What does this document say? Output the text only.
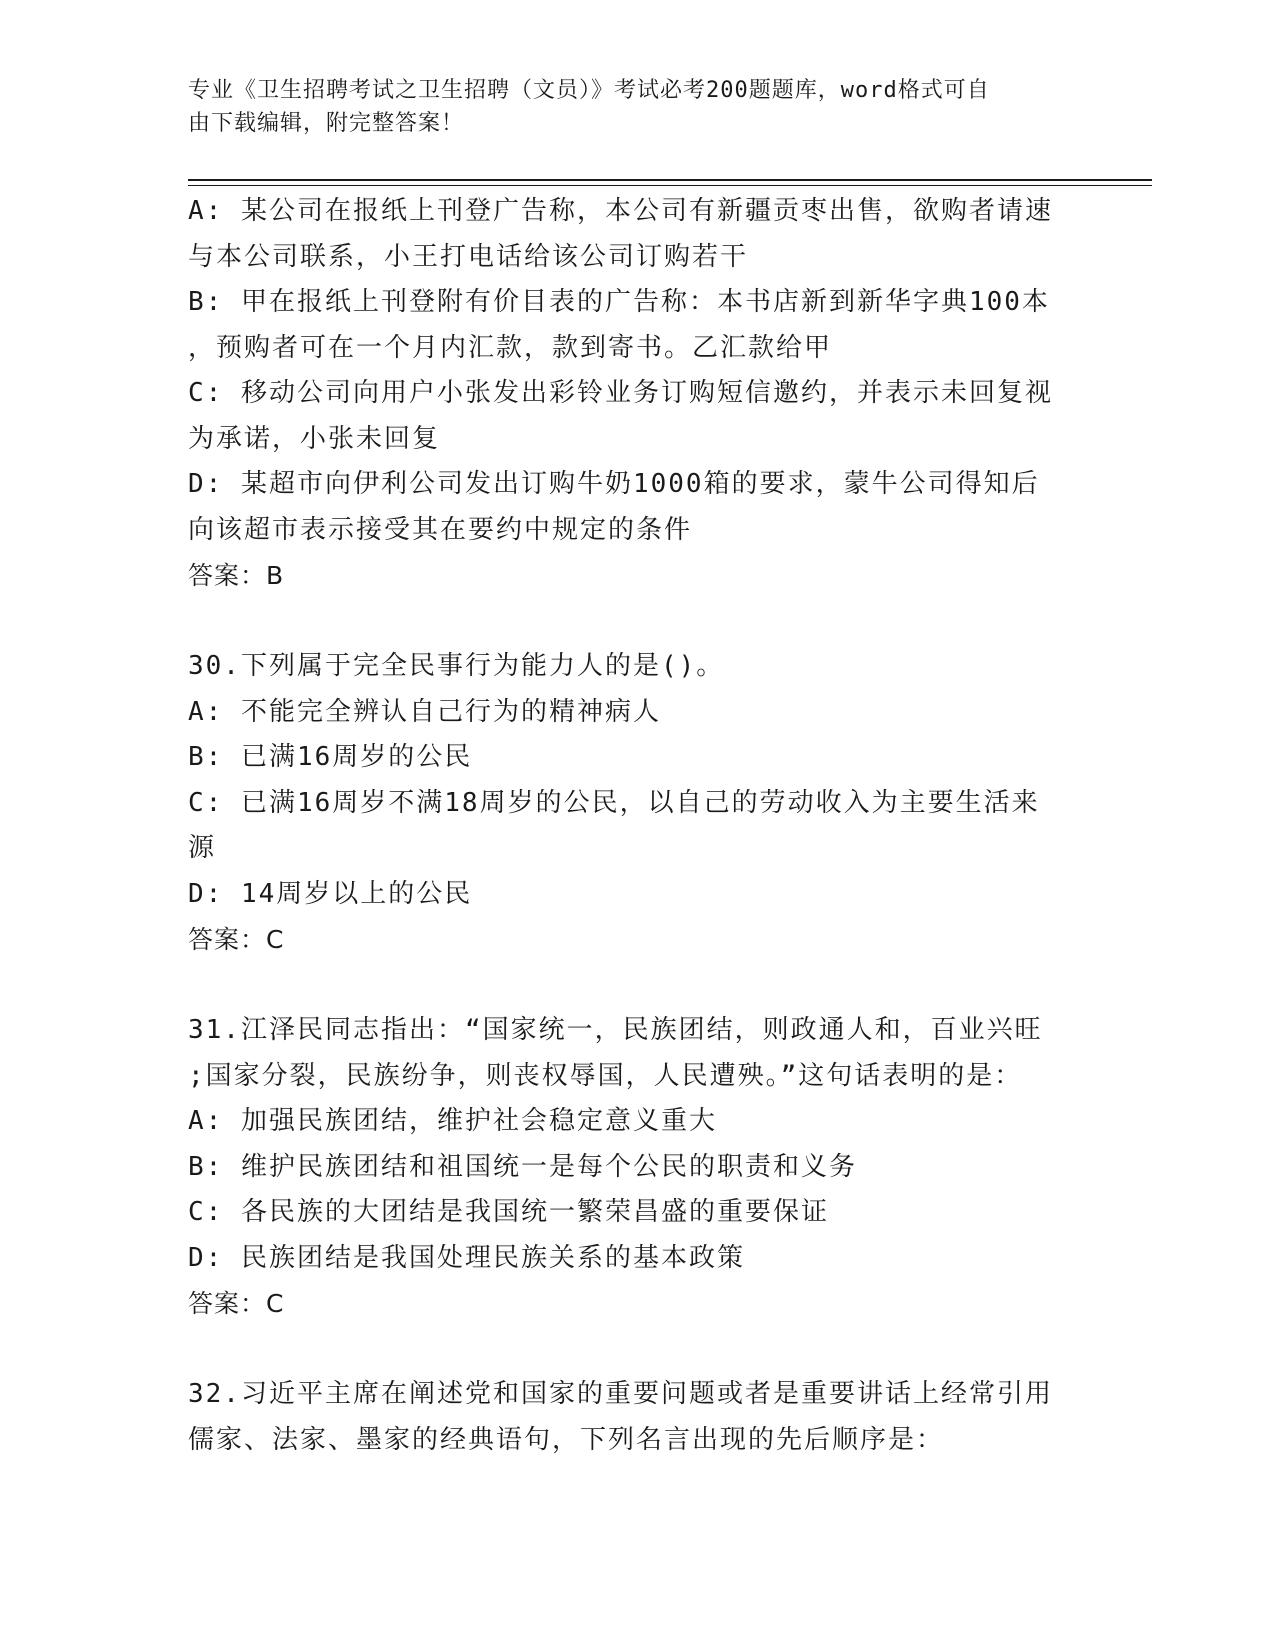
专业《卫生招聘考试之卫生招聘（文员）》考试必考200题题库，word格式可自
由下载编辑，附完整答案！
A: 某公司在报纸上刊登广告称，本公司有新疆贡枣出售，欲购者请速
与本公司联系，小王打电话给该公司订购若干
B: 甲在报纸上刊登附有价目表的广告称：本书店新到新华字典100本
，预购者可在一个月内汇款，款到寄书。乙汇款给甲
C: 移动公司向用户小张发出彩铃业务订购短信邀约，并表示未回复视
为承诺，小张未回复
D: 某超市向伊利公司发出订购牛奶1000箱的要求，蒙牛公司得知后
向该超市表示接受其在要约中规定的条件
答案：B
30.下列属于完全民事行为能力人的是()。
A: 不能完全辨认自己行为的精神病人
B: 已满16周岁的公民
C: 已满16周岁不满18周岁的公民，以自己的劳动收入为主要生活来
源
D: 14周岁以上的公民
答案：C
31.江泽民同志指出：“国家统一，民族团结，则政通人和，百业兴旺
;国家分裂，民族纷争，则丧权辱国，人民遭殃。”这句话表明的是：
A: 加强民族团结，维护社会稳定意义重大
B: 维护民族团结和祖国统一是每个公民的职责和义务
C: 各民族的大团结是我国统一繁荣昌盛的重要保证
D: 民族团结是我国处理民族关系的基本政策
答案：C
32.习近平主席在阐述党和国家的重要问题或者是重要讲话上经常引用
儒家、法家、墨家的经典语句，下列名言出现的先后顺序是：
